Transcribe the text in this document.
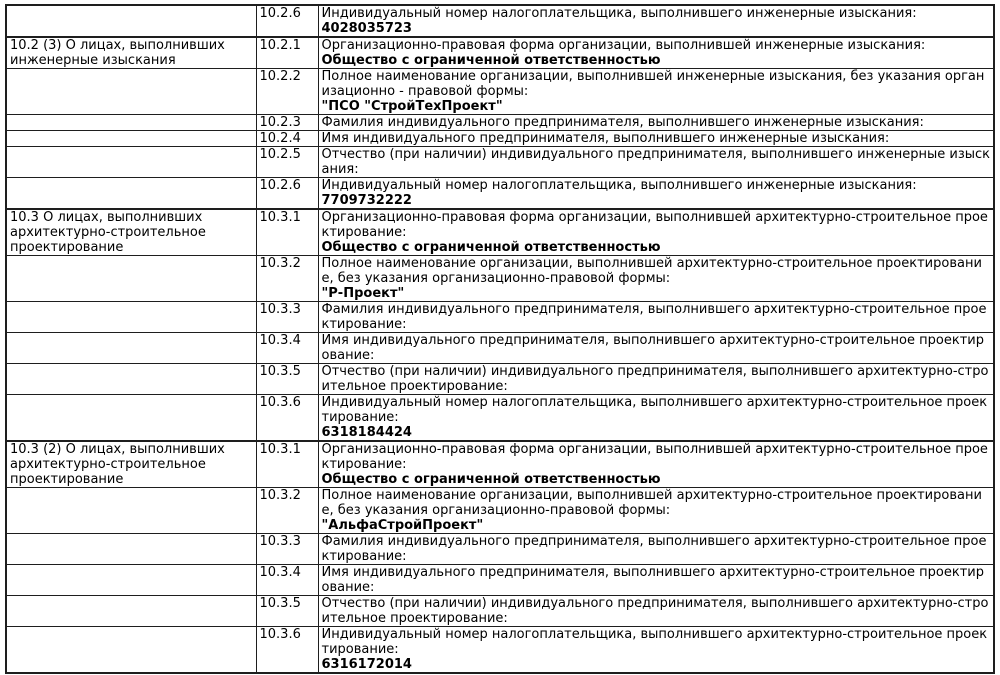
	10.2.6	Индивидуальный номер налогоплательщика, выполнившего инженерные изыскания:
4028035723

10.2 (3) О лицах, выполнивших инженерные изыскания	10.2.1	Организационно-правовая форма организации, выполнившей инженерные изыскания:
Общество с ограниченной ответственностью

	10.2.2	Полное наименование организации, выполнившей инженерные изыскания, без указания организационно - правовой формы:
"ПСО "СтройТехПроект"

	10.2.3	Фамилия индивидуального предпринимателя, выполнившего инженерные изыскания:

	10.2.4	Имя индивидуального предпринимателя, выполнившего инженерные изыскания:

	10.2.5	Отчество (при наличии) индивидуального предпринимателя, выполнившего инженерные изыскания:

	10.2.6	Индивидуальный номер налогоплательщика, выполнившего инженерные изыскания:
7709732222

10.3 О лицах, выполнивших архитектурно-строительное проектирование	10.3.1	Организационно-правовая форма организации, выполнившей архитектурно-строительное проектирование:
Общество с ограниченной ответственностью

	10.3.2	Полное наименование организации, выполнившей архитектурно-строительное проектирование, без указания организационно-правовой формы:
"Р-Проект"

	10.3.3	Фамилия индивидуального предпринимателя, выполнившего архитектурно-строительное проектирование:

	10.3.4	Имя индивидуального предпринимателя, выполнившего архитектурно-строительное проектирование:

	10.3.5	Отчество (при наличии) индивидуального предпринимателя, выполнившего архитектурно-строительное проектирование:

	10.3.6	Индивидуальный номер налогоплательщика, выполнившего архитектурно-строительное проектирование:
6318184424

10.3 (2) О лицах, выполнивших архитектурно-строительное проектирование	10.3.1	Организационно-правовая форма организации, выполнившей архитектурно-строительное проектирование:
Общество с ограниченной ответственностью

	10.3.2	Полное наименование организации, выполнившей архитектурно-строительное проектирование, без указания организационно-правовой формы:
"АльфаСтройПроект"

	10.3.3	Фамилия индивидуального предпринимателя, выполнившего архитектурно-строительное проектирование:

	10.3.4	Имя индивидуального предпринимателя, выполнившего архитектурно-строительное проектирование:

	10.3.5	Отчество (при наличии) индивидуального предпринимателя, выполнившего архитектурно-строительное проектирование:

	10.3.6	Индивидуальный номер налогоплательщика, выполнившего архитектурно-строительное проектирование:
6316172014
